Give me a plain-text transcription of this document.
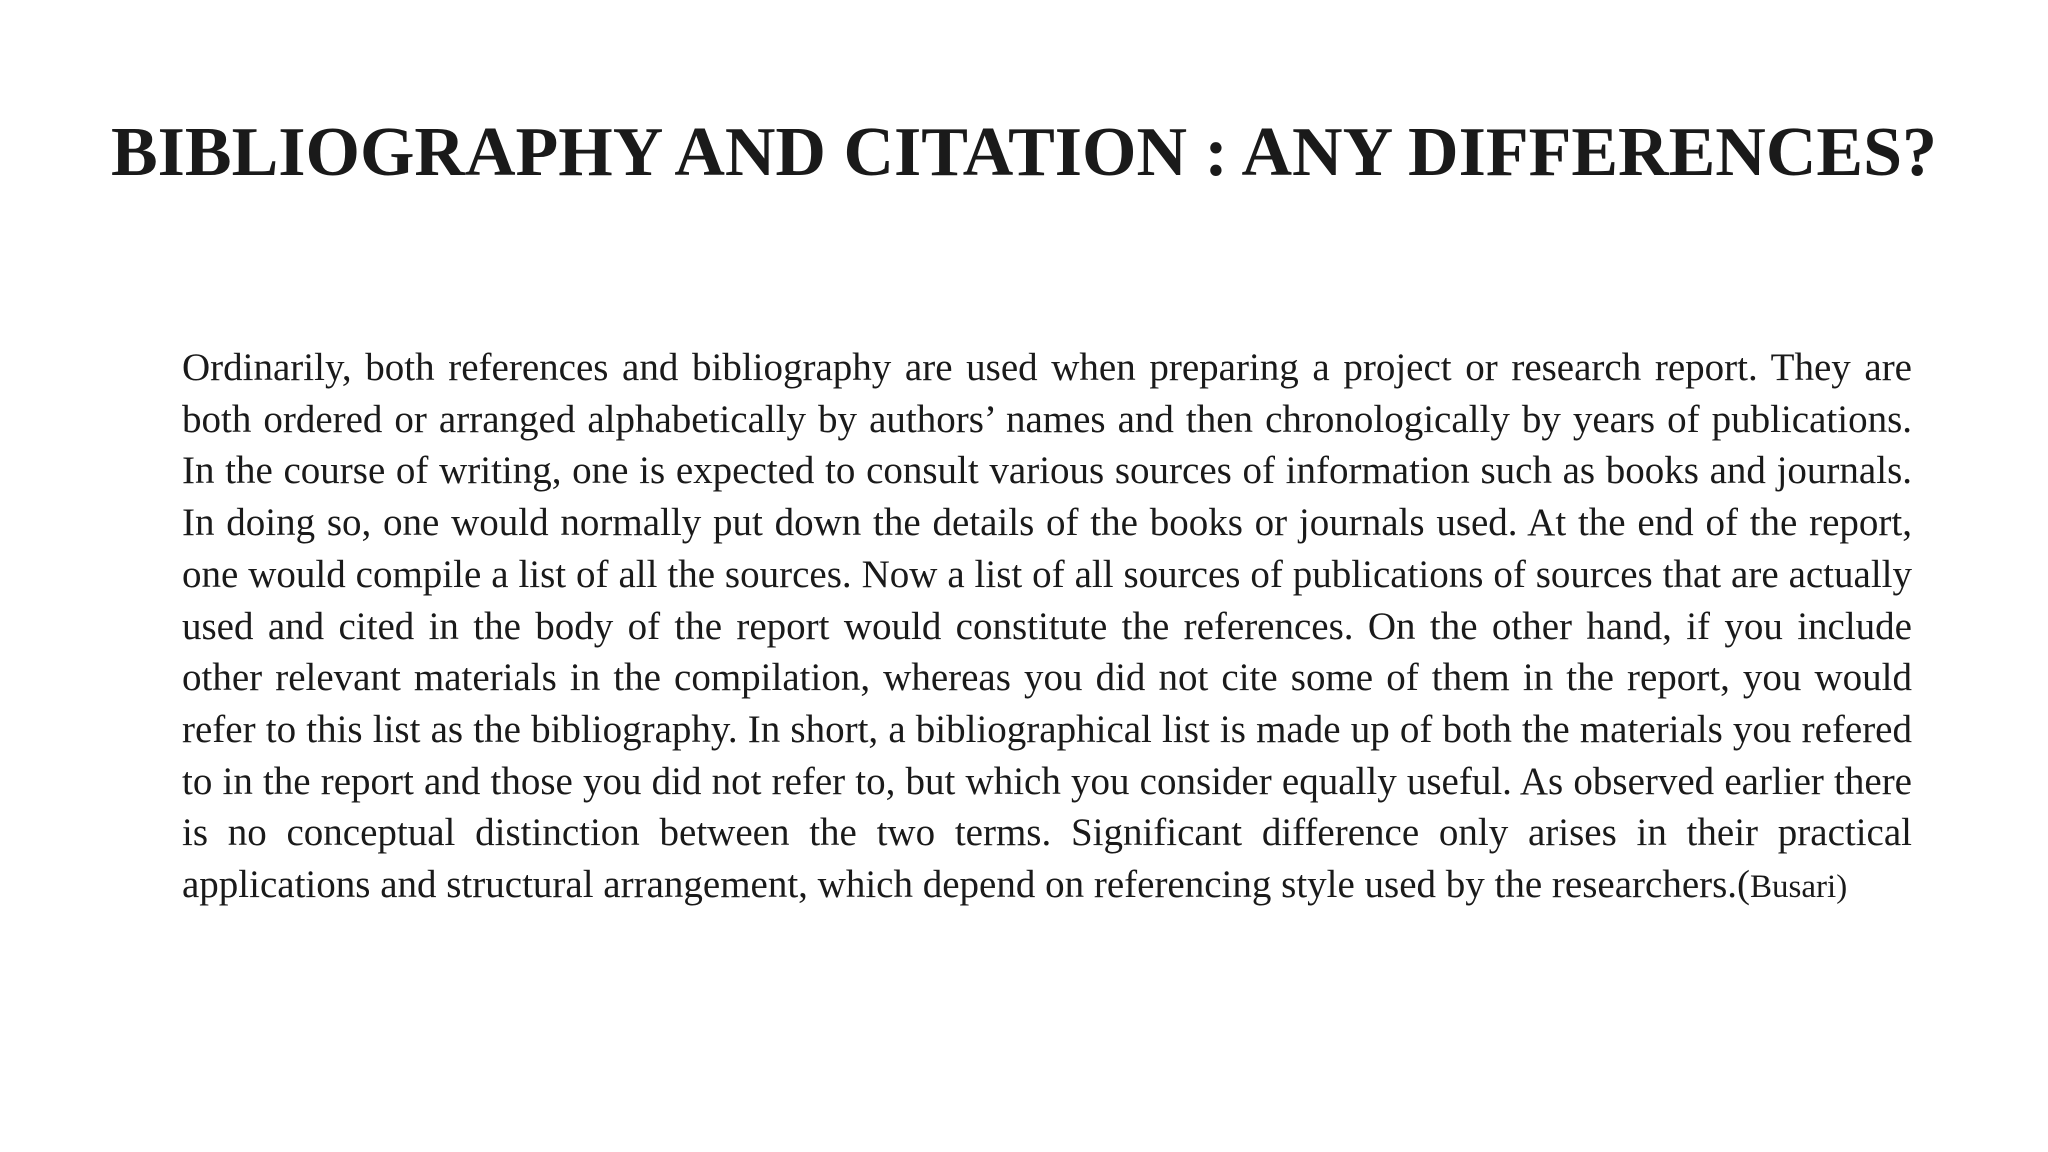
BIBLIOGRAPHY AND CITATION : ANY DIFFERENCES?

Ordinarily, both references and bibliography are used when preparing a project or research report. They are both ordered or arranged alphabetically by authors’ names and then chronologically by years of publications. In the course of writing, one is expected to consult various sources of information such as books and journals. In doing so, one would normally put down the details of the books or journals used. At the end of the report, one would compile a list of all the sources. Now a list of all sources of publications of sources that are actually used and cited in the body of the report would constitute the references. On the other hand, if you include other relevant materials in the compilation, whereas you did not cite some of them in the report, you would refer to this list as the bibliography. In short, a bibliographical list is made up of both the materials you refered to in the report and those you did not refer to, but which you consider equally useful. As observed earlier there is no conceptual distinction between the two terms. Significant difference only arises in their practical applications and structural arrangement, which depend on referencing style used by the researchers.(Busari)
